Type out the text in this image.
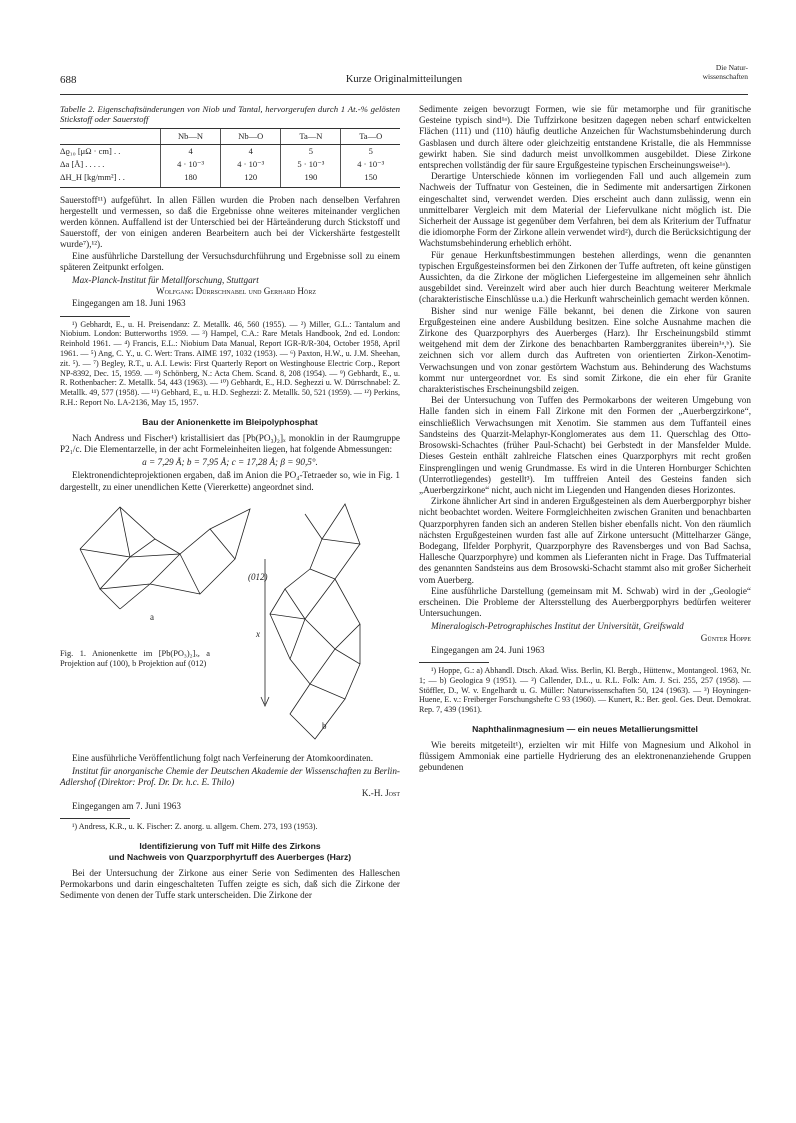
688	Kurze Originalmitteilungen
Die Natur-
wissenschaften

Tabelle 2. Eigenschaftsänderungen von Niob und Tantal, hervorgerufen durch 1 At.-% gelösten Stickstoff oder Sauerstoff

	Nb—N	Nb—O	Ta—N	Ta—O
Δϱ₁₀ [μΩ · cm] . .	4	4	5	5
Δa [Å] . . . . .	4 · 10⁻³	4 · 10⁻³	5 · 10⁻³	4 · 10⁻³
ΔH_H [kg/mm²] . .	180	120	190	150

Sauerstoff¹¹) aufgeführt. In allen Fällen wurden die Proben nach denselben Verfahren hergestellt und vermessen, so daß die Ergebnisse ohne weiteres miteinander verglichen werden können. Auffallend ist der Unterschied bei der Härteänderung durch Stickstoff und Sauerstoff, der von einigen anderen Bearbeitern auch bei der Vickershärte festgestellt wurde⁷),¹²).

Eine ausführliche Darstellung der Versuchsdurchführung und Ergebnisse soll zu einem späteren Zeitpunkt erfolgen.

Max-Planck-Institut für Metallforschung, Stuttgart

Wolfgang Dürrschnabel und Gerhard Hörz

Eingegangen am 18. Juni 1963

¹) Gebhardt, E., u. H. Preisendanz: Z. Metallk. 46, 560 (1955). — ²) Miller, G.L.: Tantalum and Niobium. London: Butterworths 1959. — ³) Hampel, C.A.: Rare Metals Handbook, 2nd ed. London: Reinhold 1961. — ⁴) Francis, E.L.: Niobium Data Manual, Report IGR-R/R-304, October 1958, April 1961. — ⁵) Ang, C. Y., u. C. Wert: Trans. AIME 197, 1032 (1953). — ⁶) Paxton, H.W., u. J.M. Sheehan, zit. ⁵). — ⁷) Begley, R.T., u. A.I. Lewis: First Quarterly Report on Westinghouse Electric Corp., Report NP-8392, Dec. 15, 1959. — ⁸) Schönberg, N.: Acta Chem. Scand. 8, 208 (1954). — ⁹) Gebhardt, E., u. R. Rothenbacher: Z. Metallk. 54, 443 (1963). — ¹⁰) Gebhardt, E., H.D. Seghezzi u. W. Dürrschnabel: Z. Metallk. 49, 577 (1958). — ¹¹) Gebhard, E., u. H.D. Seghezzi: Z. Metallk. 50, 521 (1959). — ¹²) Perkins, R.H.: Report No. LA-2136, May 15, 1957.

Bau der Anionenkette im Bleipolyphosphat

Nach Andress und Fischer¹) kristallisiert das [Pb(PO₃)₂]ₓ monoklin in der Raumgruppe P2₁/c. Die Elementarzelle, in der acht Formeleinheiten liegen, hat folgende Abmessungen:

a = 7,29 Å; b = 7,95 Å; c = 17,28 Å; β = 90,5°.

Elektronendichteprojektionen ergaben, daß im Anion die PO₄-Tetraeder so, wie in Fig. 1 dargestellt, zu einer unendlichen Kette (Viererkette) angeordnet sind.

(012)
a
b
x
Fig. 1. Anionenkette im [Pb(PO₃)₂]ₓ, a Projektion auf (100), b Projektion auf (012)

Eine ausführliche Veröffentlichung folgt nach Verfeinerung der Atomkoordinaten.

Institut für anorganische Chemie der Deutschen Akademie der Wissenschaften zu Berlin-Adlershof (Direktor: Prof. Dr. Dr. h.c. E. Thilo)

K.-H. Jost

Eingegangen am 7. Juni 1963

¹) Andress, K.R., u. K. Fischer: Z. anorg. u. allgem. Chem. 273, 193 (1953).

Identifizierung von Tuff mit Hilfe des Zirkons
und Nachweis von Quarzporphyrtuff des Auerberges (Harz)

Bei der Untersuchung der Zirkone aus einer Serie von Sedimenten des Halleschen Permokarbons und darin eingeschalteten Tuffen zeigte es sich, daß sich die Zirkone der Sedimente von denen der Tuffe stark unterscheiden. Die Zirkone der

Sedimente zeigen bevorzugt Formen, wie sie für metamorphe und für granitische Gesteine typisch sind¹ᵃ). Die Tuffzirkone besitzen dagegen neben scharf entwickelten Flächen (111) und (110) häufig deutliche Anzeichen für Wachstumsbehinderung durch Gasblasen und durch ältere oder gleichzeitig entstandene Kristalle, die als Hemmnisse gewirkt haben. Sie sind dadurch meist unvollkommen ausgebildet. Diese Zirkone entsprechen vollständig der für saure Ergußgesteine typischen Erscheinungsweise¹ᵃ).

Derartige Unterschiede können im vorliegenden Fall und auch allgemein zum Nachweis der Tuffnatur von Gesteinen, die in Sedimente mit andersartigen Zirkonen eingeschaltet sind, verwendet werden. Dies erscheint auch dann zulässig, wenn ein unmittelbarer Vergleich mit dem Material der Liefervulkane nicht möglich ist. Die Sicherheit der Aussage ist gegenüber dem Verfahren, bei dem als Kriterium der Tuffnatur die idiomorphe Form der Zirkone allein verwendet wird²), durch die Berücksichtigung der Wachstumsbehinderung erheblich erhöht.

Für genaue Herkunftsbestimmungen bestehen allerdings, wenn die genannten typischen Ergußgesteinsformen bei den Zirkonen der Tuffe auftreten, oft keine günstigen Aussichten, da die Zirkone der möglichen Liefergesteine im allgemeinen sehr ähnlich ausgebildet sind. Vereinzelt wird aber auch hier durch Beachtung weiterer Merkmale (charakteristische Einschlüsse u.a.) die Herkunft wahrscheinlich gemacht werden können.

Bisher sind nur wenige Fälle bekannt, bei denen die Zirkone von sauren Ergußgesteinen eine andere Ausbildung besitzen. Eine solche Ausnahme machen die Zirkone des Quarzporphyrs des Auerberges (Harz). Ihr Erscheinungsbild stimmt weitgehend mit dem der Zirkone des benachbarten Ramberggranites überein¹ᵃ,ᵇ). Sie zeichnen sich vor allem durch das Auftreten von orientierten Zirkon-Xenotim-Verwachsungen und von zonar gestörtem Wachstum aus. Behinderung des Wachstums kommt nur untergeordnet vor. Es sind somit Zirkone, die ein eher für Granite charakteristisches Erscheinungsbild zeigen.

Bei der Untersuchung von Tuffen des Permokarbons der weiteren Umgebung von Halle fanden sich in einem Fall Zirkone mit den Formen der „Auerbergzirkone“, einschließlich Verwachsungen mit Xenotim. Sie stammen aus dem Tuffanteil eines Sandsteins des Quarzit-Melaphyr-Konglomerates aus dem 11. Querschlag des Otto-Brosowski-Schachtes (früher Paul-Schacht) bei Gerbstedt in der Mansfelder Mulde. Dieses Gestein enthält zahlreiche Flatschen eines Quarzporphyrs mit recht großen Einsprenglingen und wenig Grundmasse. Es wird in die Unteren Hornburger Schichten (Unterrotliegendes) gestellt³). Im tufffreien Anteil des Gesteins fanden sich „Auerbergzirkone“ nicht, auch nicht im Liegenden und Hangenden dieses Horizontes.

Zirkone ähnlicher Art sind in anderen Ergußgesteinen als dem Auerbergporphyr bisher nicht beobachtet worden. Weitere Formgleichheiten zwischen Graniten und benachbarten Quarzporphyren fanden sich an anderen Stellen bisher ebenfalls nicht. Von den räumlich nächsten Ergußgesteinen wurden fast alle auf Zirkone untersucht (Mittelharzer Gänge, Bodegang, Ilfelder Porphyrit, Quarzporphyre des Ravensberges und von Bad Sachsa, Hallesche Quarzporphyre) und kommen als Lieferanten nicht in Frage. Das Tuffmaterial des genannten Sandsteins aus dem Brosowski-Schacht stammt also mit großer Sicherheit vom Auerberg.

Eine ausführliche Darstellung (gemeinsam mit M. Schwab) wird in der „Geologie“ erscheinen. Die Probleme der Altersstellung des Auerbergporphyrs bedürfen weiterer Untersuchungen.

Mineralogisch-Petrographisches Institut der Universität, Greifswald

Günter Hoppe

Eingegangen am 24. Juni 1963

¹) Hoppe, G.: a) Abhandl. Dtsch. Akad. Wiss. Berlin, Kl. Bergb., Hüttenw., Montangeol. 1963, Nr. 1; — b) Geologica 9 (1951). — ²) Callender, D.L., u. R.L. Folk: Am. J. Sci. 255, 257 (1958). — Stöffler, D., W. v. Engelhardt u. G. Müller: Naturwissenschaften 50, 124 (1963). — ³) Hoyningen-Huene, E. v.: Freiberger Forschungshefte C 93 (1960). — Kunert, R.: Ber. geol. Ges. Deut. Demokrat. Rep. 7, 439 (1961).

Naphthalinmagnesium — ein neues Metallierungsmittel

Wie bereits mitgeteilt¹), erzielten wir mit Hilfe von Magnesium und Alkohol in flüssigem Ammoniak eine partielle Hydrierung des an elektronenanziehende Gruppen gebundenen
